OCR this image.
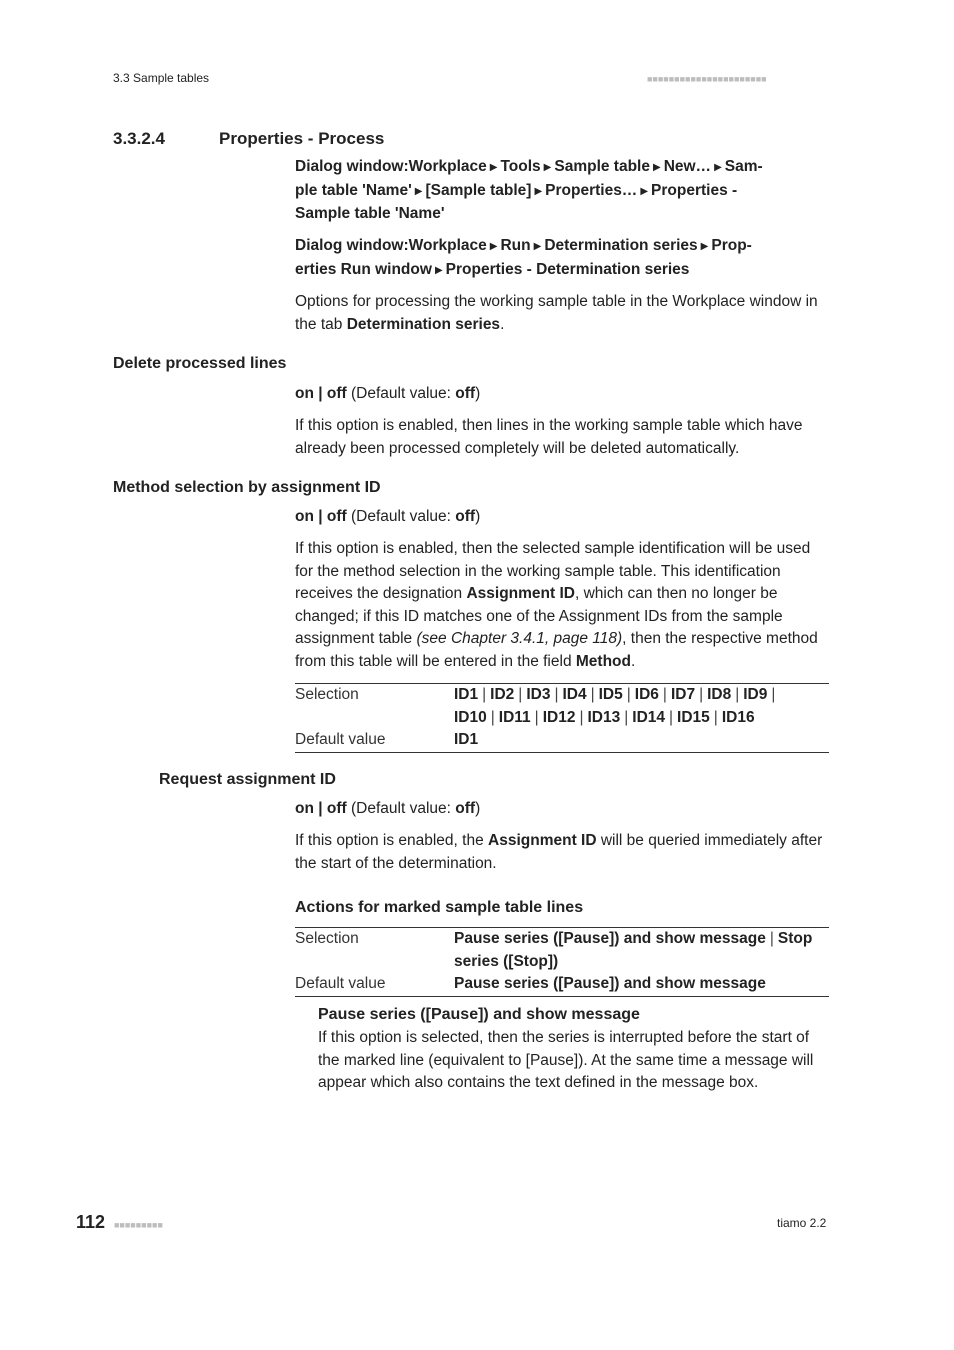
3.3 Sample tables	■■■■■■■■■■■■■■■■■■■■■■
3.3.2.4	Properties - Process
Dialog window:Workplace ▶ Tools ▶ Sample table ▶ New… ▶ Sam-
ple table 'Name' ▶ [Sample table] ▶ Properties… ▶ Properties -
Sample table 'Name'
Dialog window:Workplace ▶ Run ▶ Determination series ▶ Prop-
erties Run window ▶ Properties - Determination series
Options for processing the working sample table in the Workplace window in the tab Determination series.
Delete processed lines
on | off (Default value: off)
If this option is enabled, then lines in the working sample table which have already been processed completely will be deleted automatically.
Method selection by assignment ID
on | off (Default value: off)
If this option is enabled, then the selected sample identification will be used for the method selection in the working sample table. This identification receives the designation Assignment ID, which can then no longer be changed; if this ID matches one of the Assignment IDs from the sample assignment table (see Chapter 3.4.1, page 118), then the respective method from this table will be entered in the field Method.
Selection	ID1 | ID2 | ID3 | ID4 | ID5 | ID6 | ID7 | ID8 | ID9 |
ID10 | ID11 | ID12 | ID13 | ID14 | ID15 | ID16
Default value	ID1
Request assignment ID
on | off (Default value: off)
If this option is enabled, the Assignment ID will be queried immediately after the start of the determination.
Actions for marked sample table lines
Selection	Pause series ([Pause]) and show message | Stop
series ([Stop])
Default value	Pause series ([Pause]) and show message
Pause series ([Pause]) and show message
If this option is selected, then the series is interrupted before the start of the marked line (equivalent to [Pause]). At the same time a message will appear which also contains the text defined in the message box.
112 ■■■■■■■■■	tiamo 2.2
